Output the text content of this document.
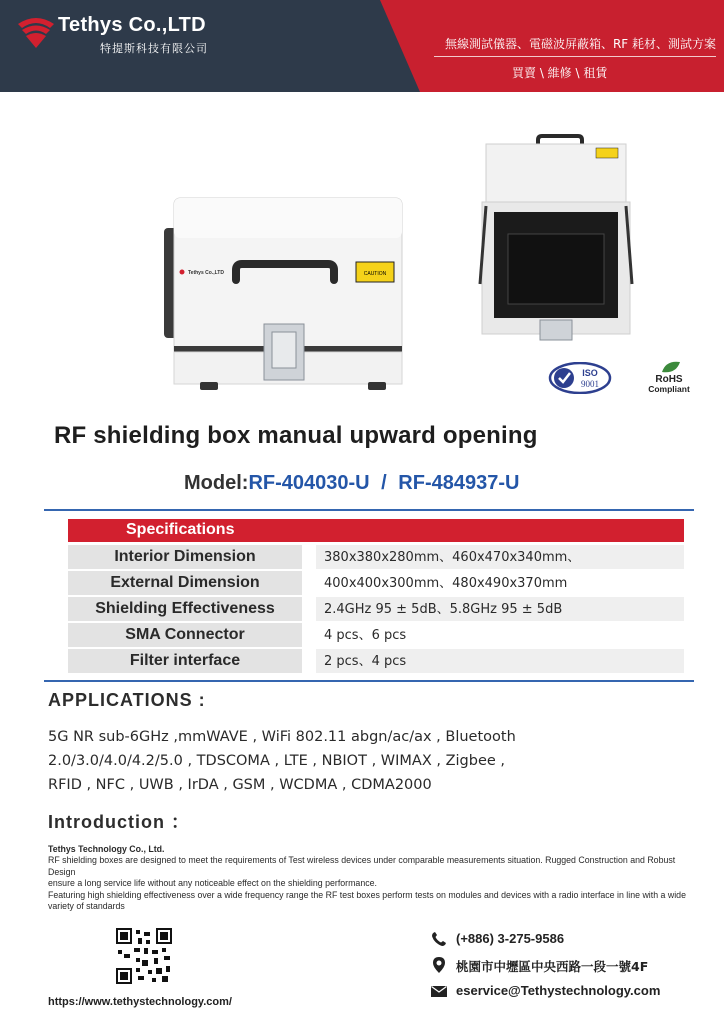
Tethys Co.,LTD
特提斯科技有限公司	無線測試儀器、電磁波屏蔽箱、RF 耗材、測試方案
買賣 \ 維修 \ 租賃
CAUTION
Tethys Co.,LTD
ISO
9001	RoHS
Compliant
RF shielding box manual upward opening
Model:RF-404030-U / RF-484937-U
Specifications
Interior Dimension	380x380x280mm、460x470x340mm、
External Dimension	400x400x300mm、480x490x370mm
Shielding Effectiveness	2.4GHz 95 ± 5dB、5.8GHz 95 ± 5dB
SMA Connector	4 pcs、6 pcs
Filter interface	2 pcs、4 pcs
APPLICATIONS :
5G NR sub-6GHz ,mmWAVE , WiFi 802.11 abgn/ac/ax , Bluetooth
2.0/3.0/4.0/4.2/5.0 , TDSCOMA , LTE , NBIOT , WIMAX , Zigbee ,
RFID , NFC , UWB , IrDA , GSM , WCDMA , CDMA2000
Introduction ：
Tethys Technology Co., Ltd.
RF shielding boxes are designed to meet the requirements of Test wireless devices under comparable measurements situation. Rugged Construction and Robust Design
ensure a long service life without any noticeable effect on the shielding performance.
Featuring high shielding effectiveness over a wide frequency range the RF test boxes perform tests on modules and devices with a radio interface in line with a wide variety of standards
https://www.tethystechnology.com/
(+886) 3-275-9586
桃園市中壢區中央西路一段一號4F
eservice@Tethystechnology.com
